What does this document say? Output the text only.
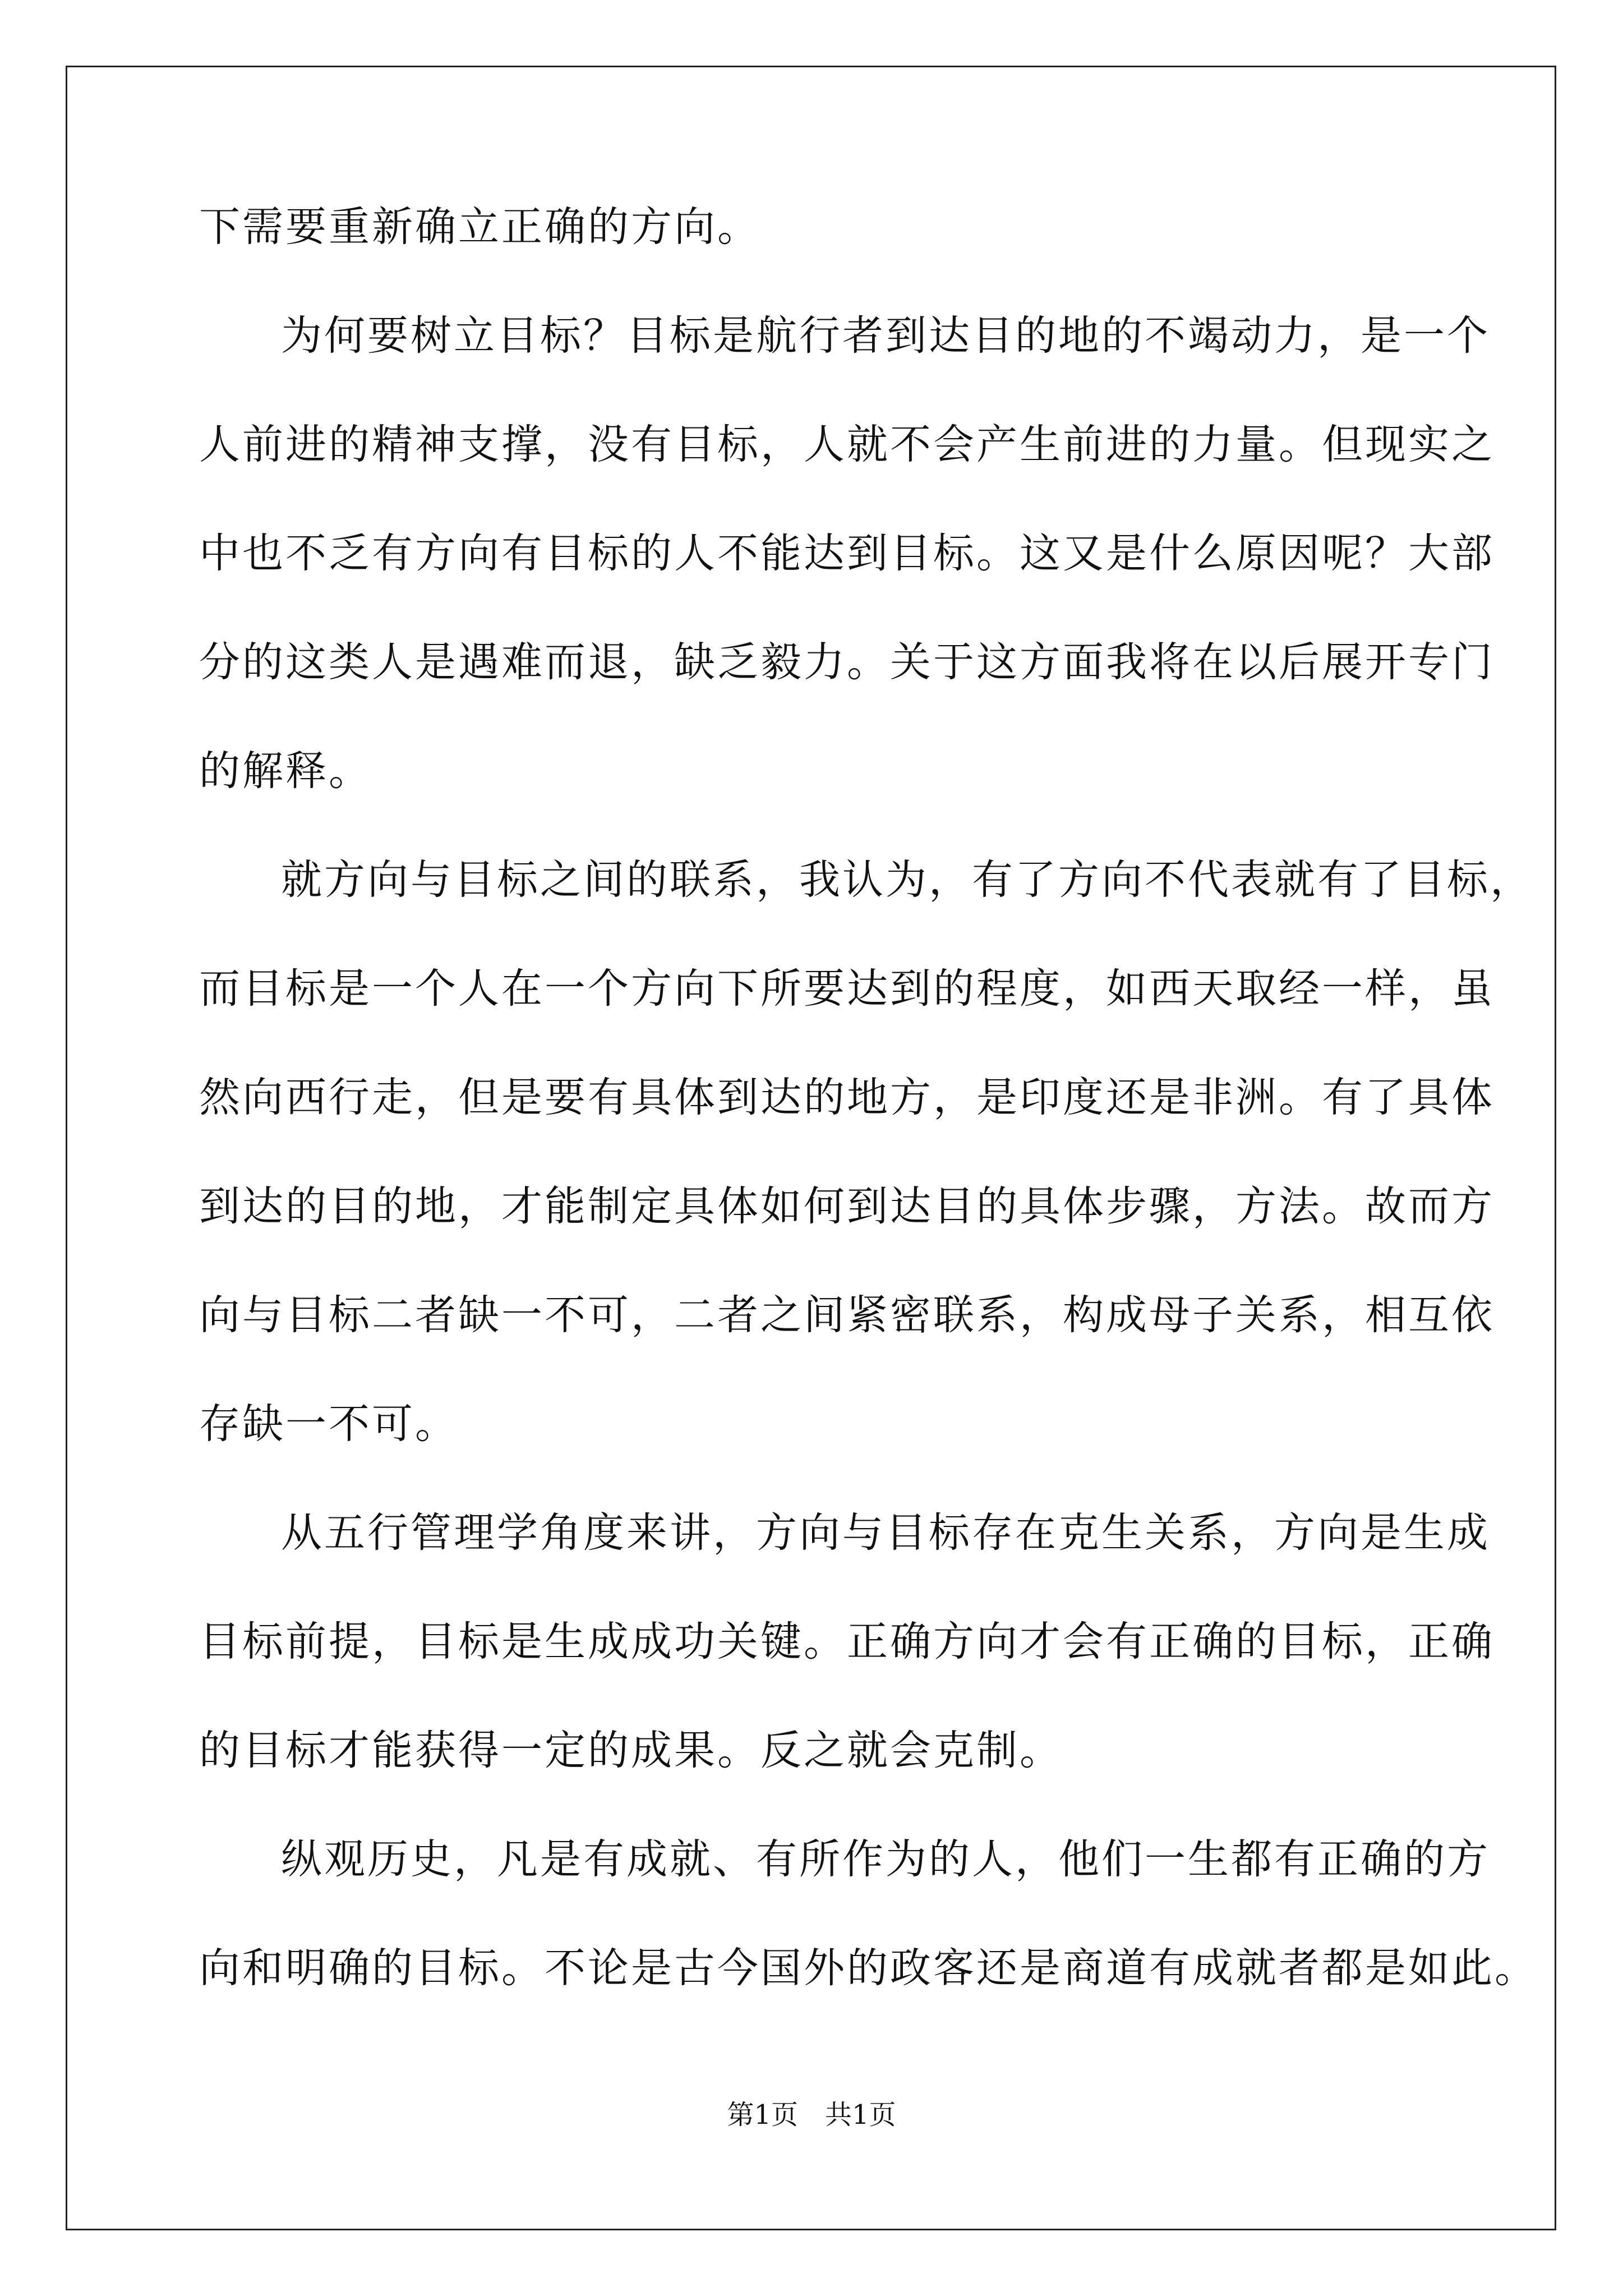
下需要重新确立正确的方向。
为何要树立目标？目标是航行者到达目的地的不竭动力，是一个
人前进的精神支撑，没有目标，人就不会产生前进的力量。但现实之
中也不乏有方向有目标的人不能达到目标。这又是什么原因呢？大部
分的这类人是遇难而退，缺乏毅力。关于这方面我将在以后展开专门
的解释。
就方向与目标之间的联系，我认为，有了方向不代表就有了目标，
而目标是一个人在一个方向下所要达到的程度，如西天取经一样，虽
然向西行走，但是要有具体到达的地方，是印度还是非洲。有了具体
到达的目的地，才能制定具体如何到达目的具体步骤，方法。故而方
向与目标二者缺一不可，二者之间紧密联系，构成母子关系，相互依
存缺一不可。
从五行管理学角度来讲，方向与目标存在克生关系，方向是生成
目标前提，目标是生成成功关键。正确方向才会有正确的目标，正确
的目标才能获得一定的成果。反之就会克制。
纵观历史，凡是有成就、有所作为的人，他们一生都有正确的方
向和明确的目标。不论是古今国外的政客还是商道有成就者都是如此。
第1页　共1页
